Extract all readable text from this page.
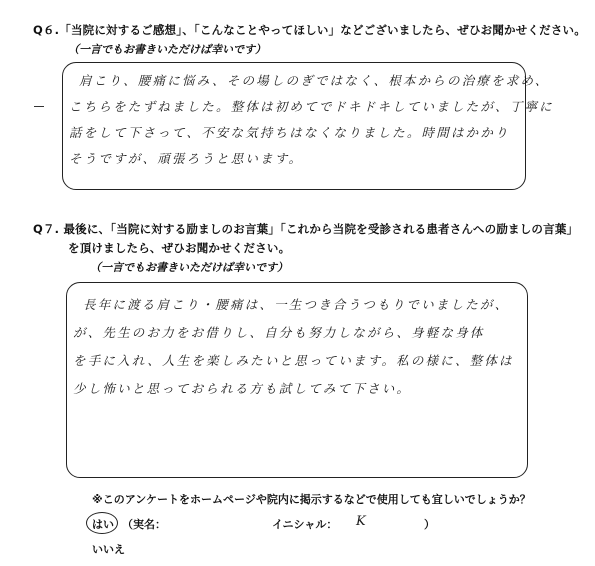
Q６.「当院に対するご感想」、「こんなことやってほしい」などございましたら、ぜひお聞かせください。
（一言でもお書きいただけば幸いです）
肩こり、腰痛に悩み、その場しのぎではなく、根本からの治療を求め、
こちらをたずねました。整体は初めてでドキドキしていましたが、丁寧に
話をして下さって、不安な気持ちはなくなりました。時間はかかり
そうですが、頑張ろうと思います。
Q７. 最後に、「当院に対する励ましのお言葉」「これから当院を受診される患者さんへの励ましの言葉」
を頂けましたら、ぜひお聞かせください。
（一言でもお書きいただけば幸いです）
長年に渡る肩こり・腰痛は、一生つき合うつもりでいましたが、
が、先生のお力をお借りし、自分も努力しながら、身軽な身体
を手に入れ、人生を楽しみたいと思っています。私の様に、整体は
少し怖いと思っておられる方も試してみて下さい。
※このアンケートをホームページや院内に掲示するなどで使用しても宜しいでしょうか？
はい （実名：	イニシャル： K	）
いいえ
